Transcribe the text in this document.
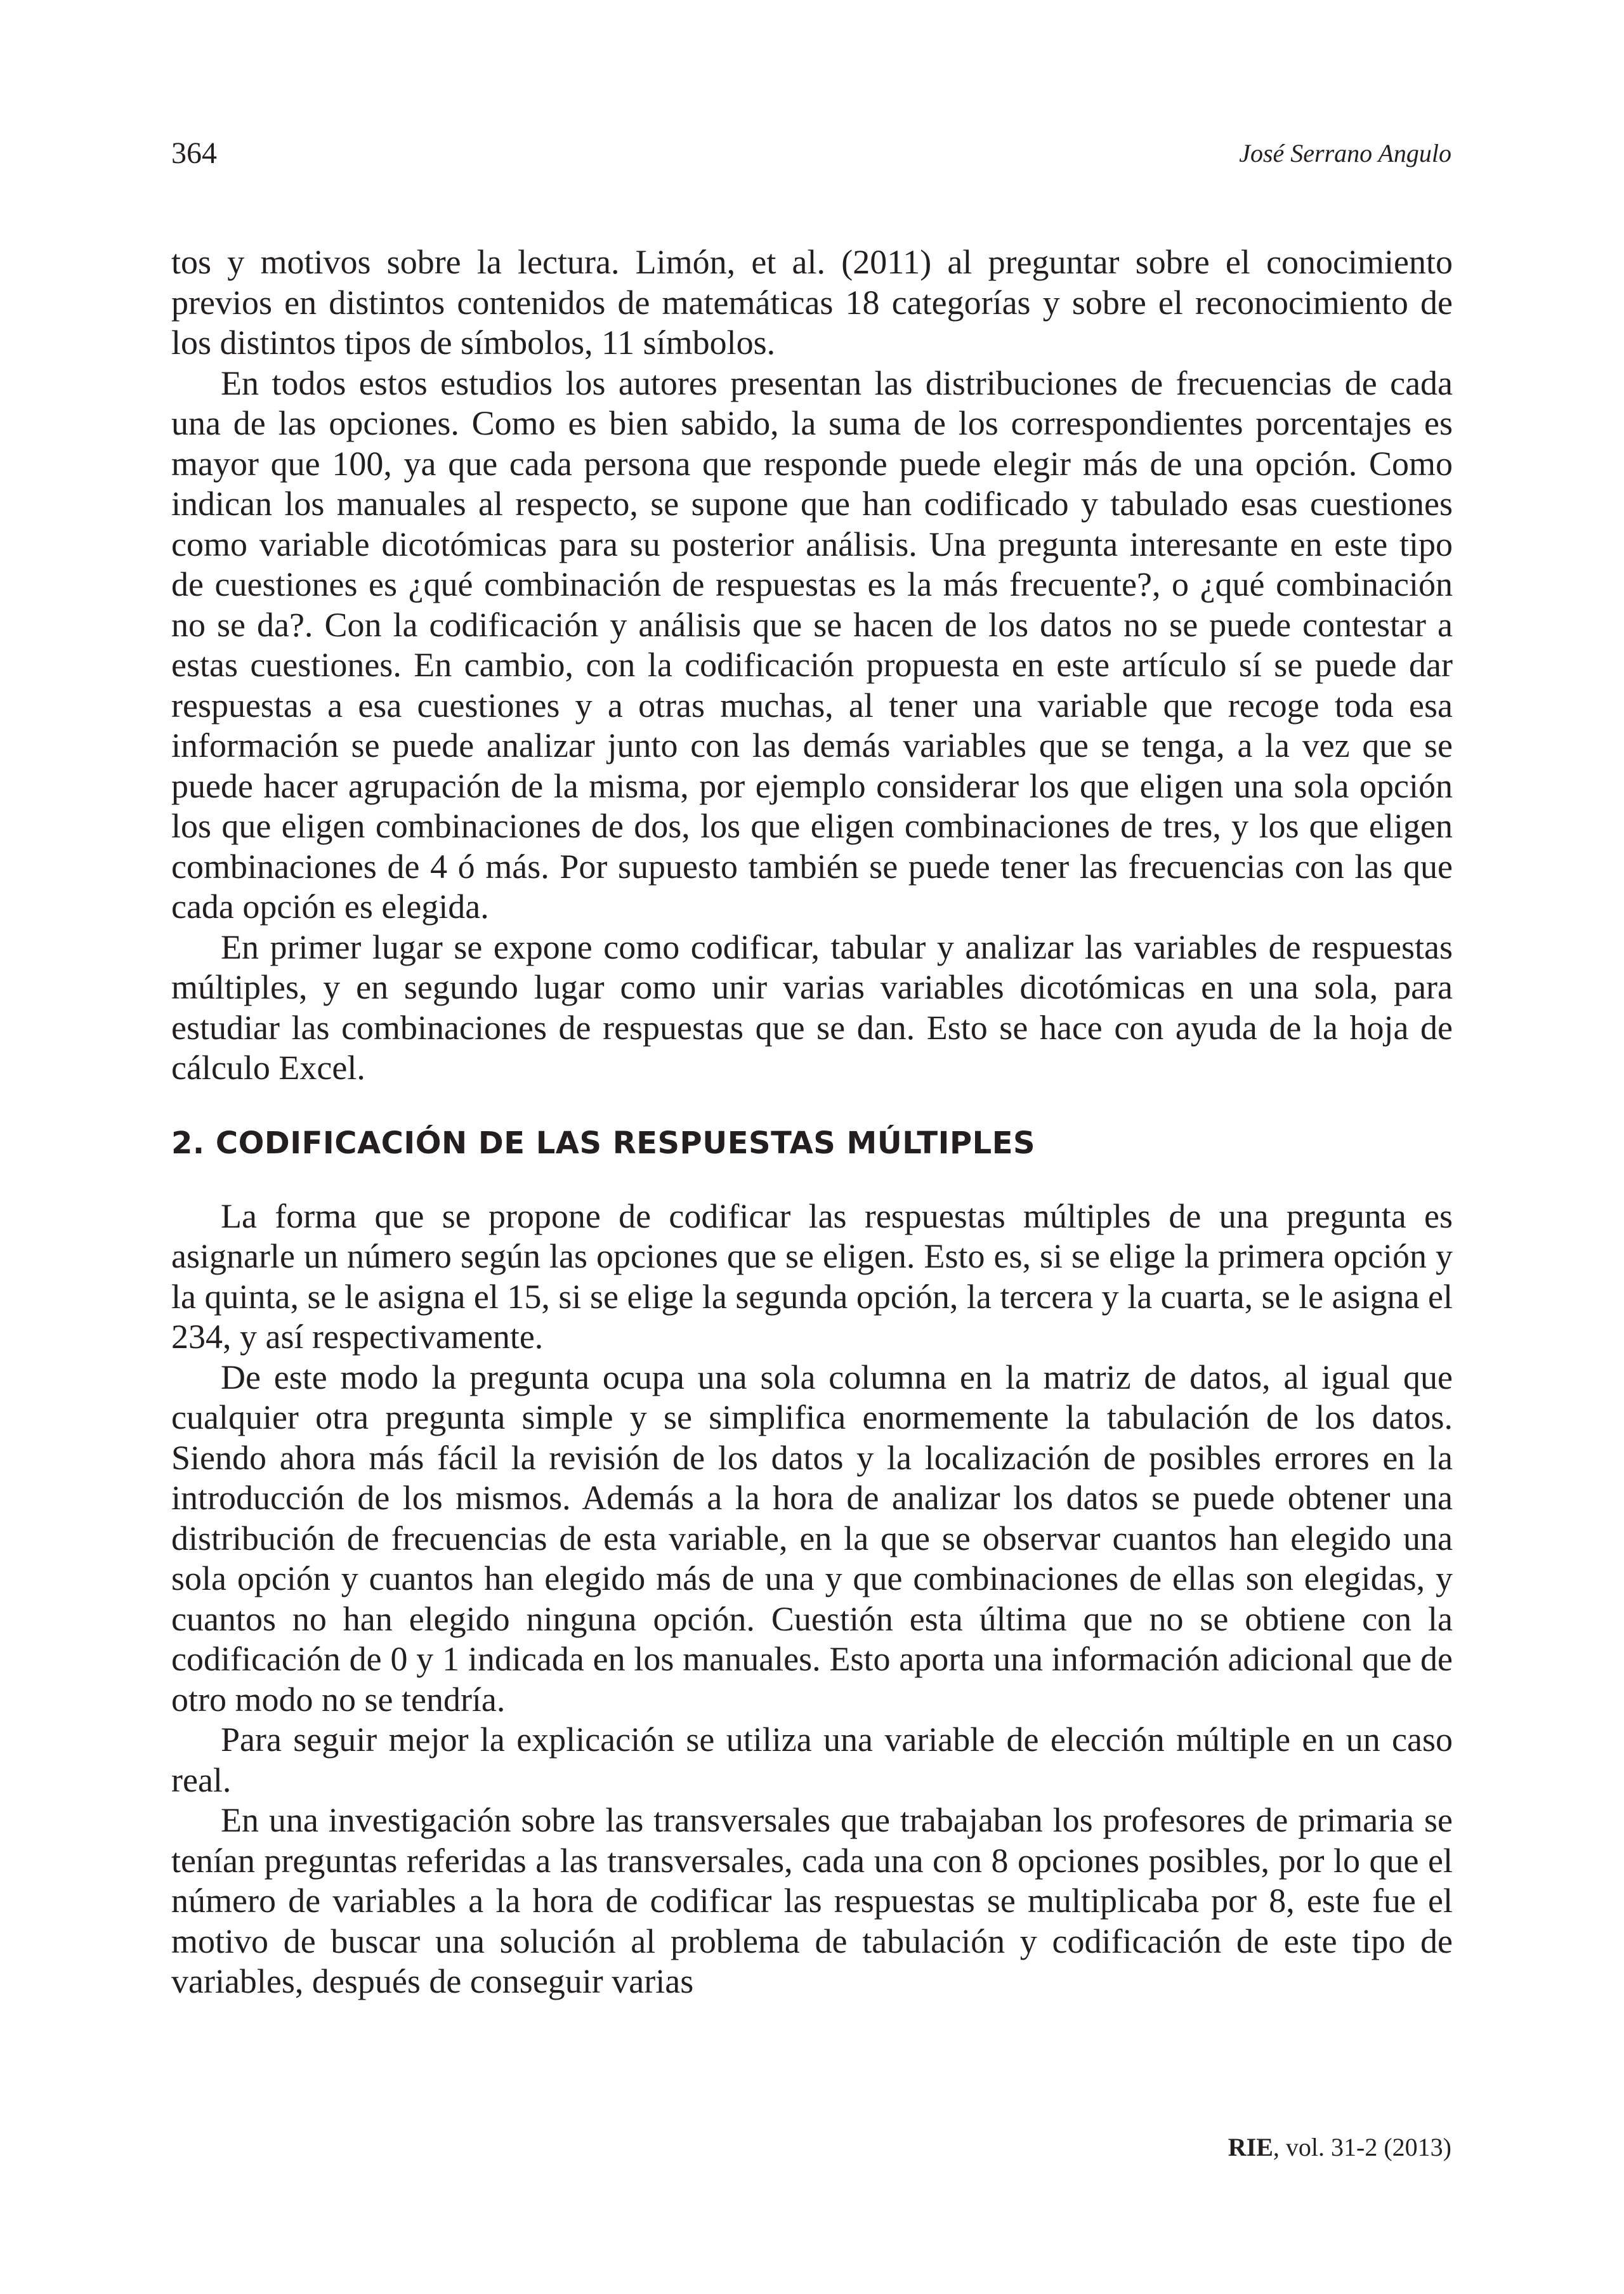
364	José Serrano Angulo

tos y motivos sobre la lectura. Limón, et al. (2011) al preguntar sobre el conocimiento previos en distintos contenidos de matemáticas 18 categorías y sobre el reconocimiento de los distintos tipos de símbolos, 11 símbolos.

En todos estos estudios los autores presentan las distribuciones de frecuencias de cada una de las opciones. Como es bien sabido, la suma de los correspondientes porcentajes es mayor que 100, ya que cada persona que responde puede elegir más de una opción. Como indican los manuales al respecto, se supone que han codificado y tabulado esas cuestiones como variable dicotómicas para su posterior análisis. Una pregunta interesante en este tipo de cuestiones es ¿qué combinación de respuestas es la más frecuente?, o ¿qué combinación no se da?. Con la codificación y análisis que se hacen de los datos no se puede contestar a estas cuestiones. En cambio, con la codificación propuesta en este artículo sí se puede dar respuestas a esa cuestiones y a otras muchas, al tener una variable que recoge toda esa información se puede analizar junto con las demás variables que se tenga, a la vez que se puede hacer agrupación de la misma, por ejemplo considerar los que eligen una sola opción los que eligen combinaciones de dos, los que eligen combinaciones de tres, y los que eligen combinaciones de 4 ó más. Por supuesto también se puede tener las frecuencias con las que cada opción es elegida.

En primer lugar se expone como codificar, tabular y analizar las variables de respuestas múltiples, y en segundo lugar como unir varias variables dicotómicas en una sola, para estudiar las combinaciones de respuestas que se dan. Esto se hace con ayuda de la hoja de cálculo Excel.

2. CODIFICACIÓN DE LAS RESPUESTAS MÚLTIPLES

La forma que se propone de codificar las respuestas múltiples de una pregunta es asignarle un número según las opciones que se eligen. Esto es, si se elige la primera opción y la quinta, se le asigna el 15, si se elige la segunda opción, la tercera y la cuarta, se le asigna el 234, y así respectivamente.

De este modo la pregunta ocupa una sola columna en la matriz de datos, al igual que cualquier otra pregunta simple y se simplifica enormemente la tabulación de los datos. Siendo ahora más fácil la revisión de los datos y la localización de posibles errores en la introducción de los mismos. Además a la hora de analizar los datos se puede obtener una distribución de frecuencias de esta variable, en la que se observar cuantos han elegido una sola opción y cuantos han elegido más de una y que combinaciones de ellas son elegidas, y cuantos no han elegido ninguna opción. Cuestión esta última que no se obtiene con la codificación de 0 y 1 indicada en los manuales. Esto aporta una información adicional que de otro modo no se tendría.

Para seguir mejor la explicación se utiliza una variable de elección múltiple en un caso real.

En una investigación sobre las transversales que trabajaban los profesores de primaria se tenían preguntas referidas a las transversales, cada una con 8 opciones posibles, por lo que el número de variables a la hora de codificar las respuestas se multiplicaba por 8, este fue el motivo de buscar una solución al problema de tabulación y codificación de este tipo de variables, después de conseguir varias

RIE, vol. 31-2 (2013)
